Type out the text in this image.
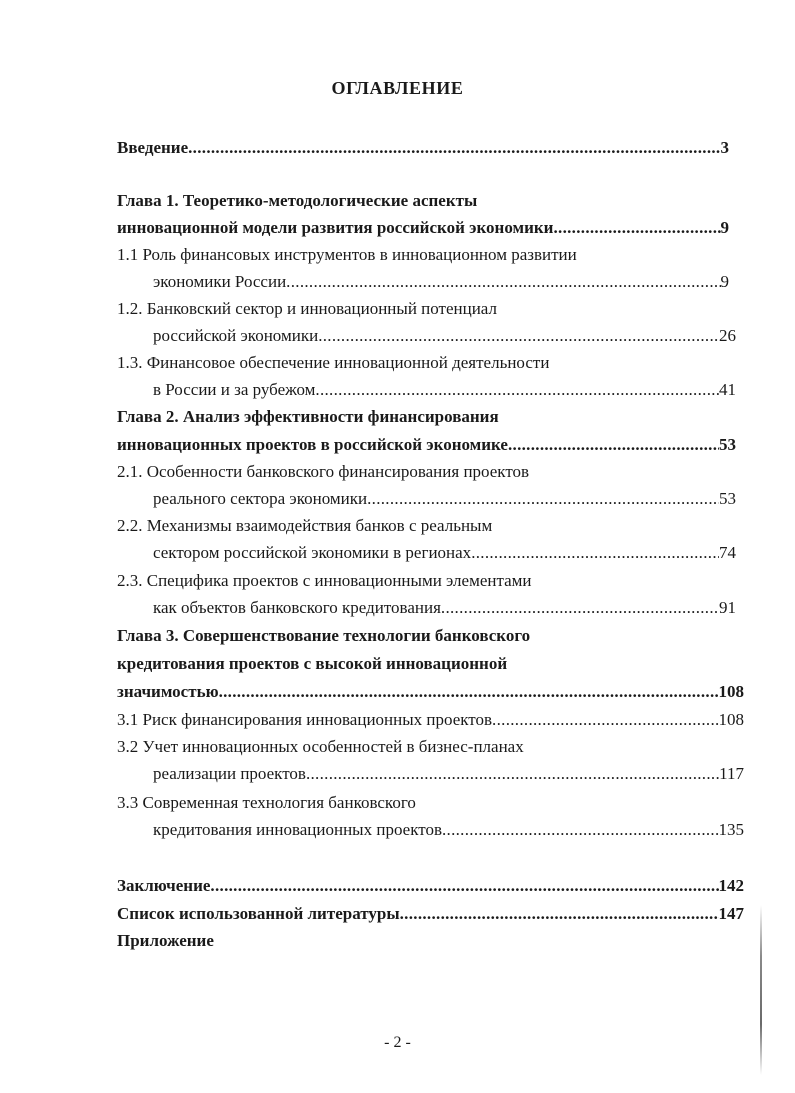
ОГЛАВЛЕНИЕ
Введение .....	3
Глава 1. Теоретико-методологические аспекты
инновационной модели развития российской экономики .....	9
1.1 Роль финансовых инструментов в инновационном развитии
экономики России .....	9
1.2. Банковский сектор и инновационный потенциал
российской экономики .....	26
1.3. Финансовое обеспечение инновационной деятельности
в России и за рубежом .....	41
Глава 2. Анализ эффективности финансирования
инновационных проектов в российской экономике .....	53
2.1. Особенности банковского финансирования проектов
реального сектора экономики .....	53
2.2. Механизмы взаимодействия банков с реальным
сектором российской экономики в регионах .....	74
2.3. Специфика проектов с инновационными элементами
как объектов банковского кредитования .....	91
Глава 3. Совершенствование технологии банковского
кредитования проектов с высокой инновационной
значимостью .....	108
3.1 Риск финансирования инновационных проектов .....	108
3.2 Учет инновационных особенностей в бизнес-планах
реализации проектов .....	117
3.3 Современная технология банковского
кредитования инновационных проектов .....	135
Заключение .....	142
Список использованной литературы .....	147
Приложение
- 2 -
